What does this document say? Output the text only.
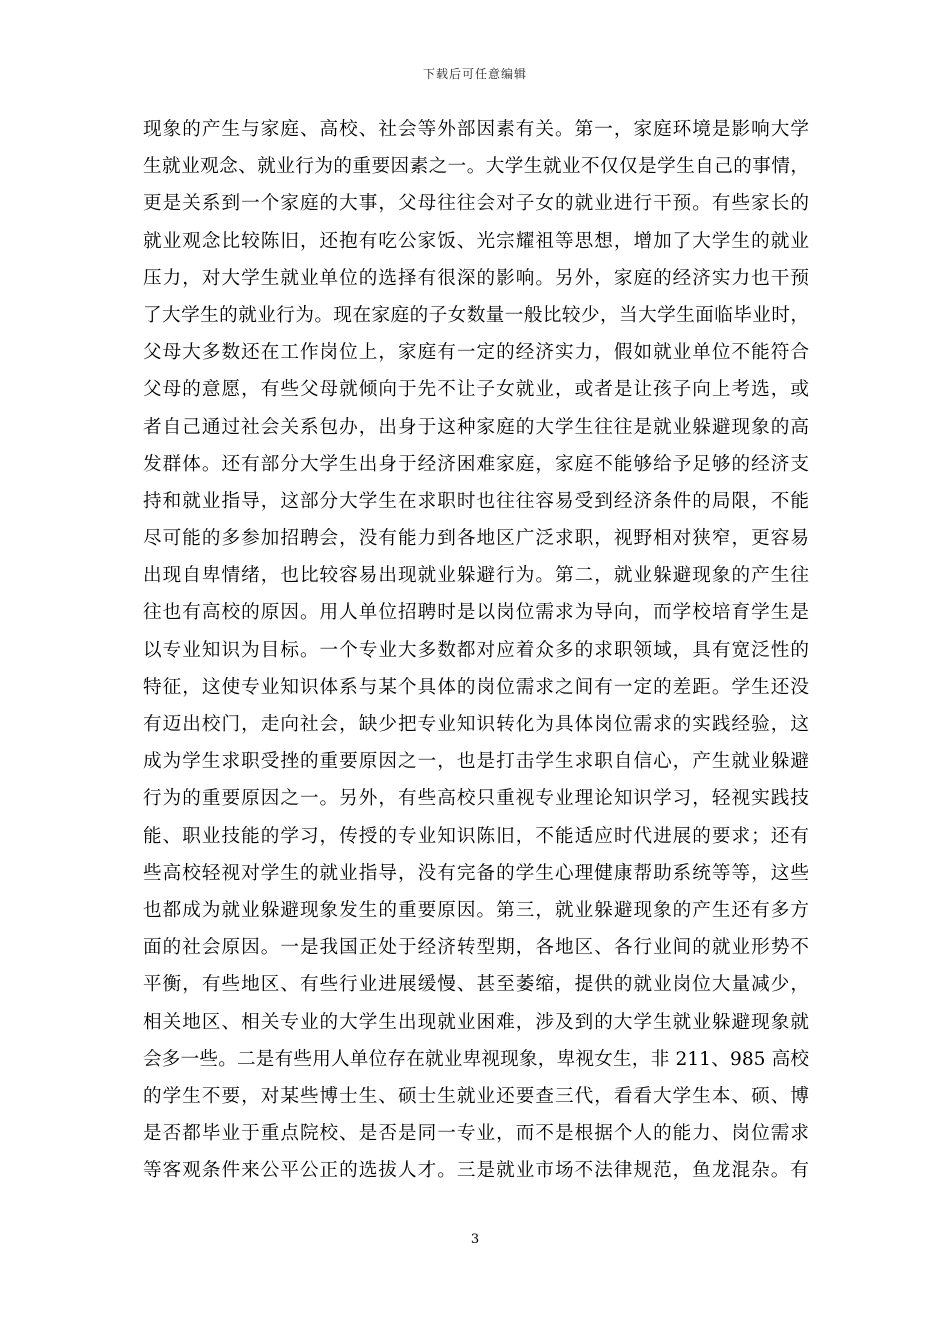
下载后可任意编辑
现象的产生与家庭、高校、社会等外部因素有关。第一，家庭环境是影响大学
生就业观念、就业行为的重要因素之一。大学生就业不仅仅是学生自己的事情，
更是关系到一个家庭的大事，父母往往会对子女的就业进行干预。有些家长的
就业观念比较陈旧，还抱有吃公家饭、光宗耀祖等思想，增加了大学生的就业
压力，对大学生就业单位的选择有很深的影响。另外，家庭的经济实力也干预
了大学生的就业行为。现在家庭的子女数量一般比较少，当大学生面临毕业时，
父母大多数还在工作岗位上，家庭有一定的经济实力，假如就业单位不能符合
父母的意愿，有些父母就倾向于先不让子女就业，或者是让孩子向上考选，或
者自己通过社会关系包办，出身于这种家庭的大学生往往是就业躲避现象的高
发群体。还有部分大学生出身于经济困难家庭，家庭不能够给予足够的经济支
持和就业指导，这部分大学生在求职时也往往容易受到经济条件的局限，不能
尽可能的多参加招聘会，没有能力到各地区广泛求职，视野相对狭窄，更容易
出现自卑情绪，也比较容易出现就业躲避行为。第二，就业躲避现象的产生往
往也有高校的原因。用人单位招聘时是以岗位需求为导向，而学校培育学生是
以专业知识为目标。一个专业大多数都对应着众多的求职领域，具有宽泛性的
特征，这使专业知识体系与某个具体的岗位需求之间有一定的差距。学生还没
有迈出校门，走向社会，缺少把专业知识转化为具体岗位需求的实践经验，这
成为学生求职受挫的重要原因之一，也是打击学生求职自信心，产生就业躲避
行为的重要原因之一。另外，有些高校只重视专业理论知识学习，轻视实践技
能、职业技能的学习，传授的专业知识陈旧，不能适应时代进展的要求；还有
些高校轻视对学生的就业指导，没有完备的学生心理健康帮助系统等等，这些
也都成为就业躲避现象发生的重要原因。第三，就业躲避现象的产生还有多方
面的社会原因。一是我国正处于经济转型期，各地区、各行业间的就业形势不
平衡，有些地区、有些行业进展缓慢、甚至萎缩，提供的就业岗位大量减少，
相关地区、相关专业的大学生出现就业困难，涉及到的大学生就业躲避现象就
会多一些。二是有些用人单位存在就业卑视现象，卑视女生，非 211、985 高校
的学生不要，对某些博士生、硕士生就业还要查三代，看看大学生本、硕、博
是否都毕业于重点院校、是否是同一专业，而不是根据个人的能力、岗位需求
等客观条件来公平公正的选拔人才。三是就业市场不法律规范，鱼龙混杂。有
3
